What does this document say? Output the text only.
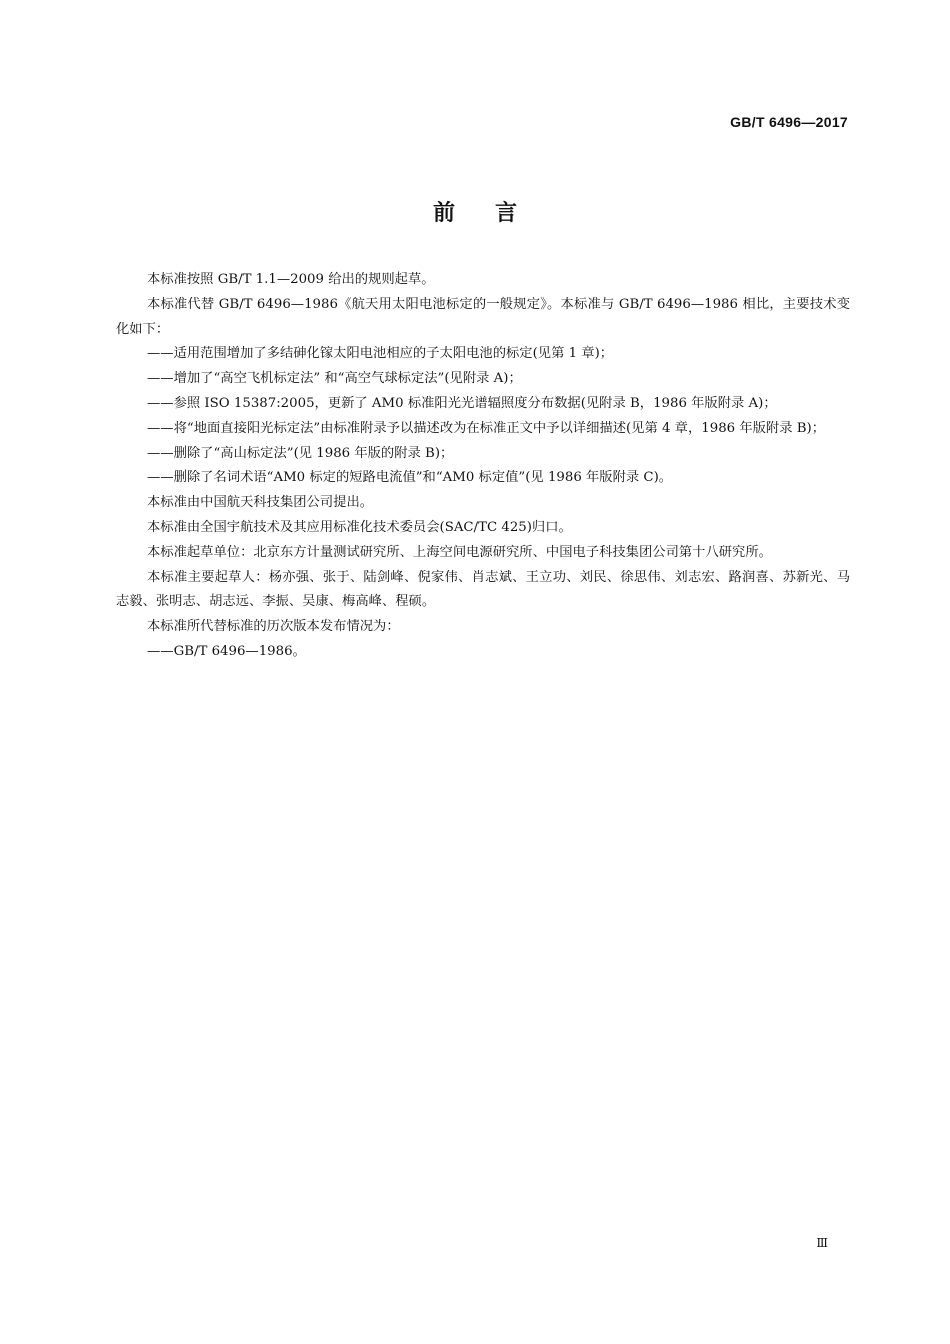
GB/T 6496—2017
前言

本标准按照 GB/T 1.1—2009 给出的规则起草。

本标准代替 GB/T 6496—1986《航天用太阳电池标定的一般规定》。本标准与 GB/T 6496—1986 相比，主要技术变化如下：

——适用范围增加了多结砷化镓太阳电池相应的子太阳电池的标定(见第 1 章)；

——增加了“高空飞机标定法” 和“高空气球标定法”(见附录 A)；

——参照 ISO 15387:2005，更新了 AM0 标准阳光光谱辐照度分布数据(见附录 B，1986 年版附录 A)；

——将“地面直接阳光标定法”由标准附录予以描述改为在标准正文中予以详细描述(见第 4 章，1986 年版附录 B)；

——删除了“高山标定法”(见 1986 年版的附录 B)；

——删除了名词术语“AM0 标定的短路电流值”和“AM0 标定值”(见 1986 年版附录 C)。

本标准由中国航天科技集团公司提出。

本标准由全国宇航技术及其应用标准化技术委员会(SAC/TC 425)归口。

本标准起草单位：北京东方计量测试研究所、上海空间电源研究所、中国电子科技集团公司第十八研究所。

本标准主要起草人：杨亦强、张于、陆剑峰、倪家伟、肖志斌、王立功、刘民、徐思伟、刘志宏、路润喜、苏新光、马志毅、张明志、胡志远、李振、吴康、梅高峰、程硕。

本标准所代替标准的历次版本发布情况为：

——GB/T 6496—1986。

Ⅲ
